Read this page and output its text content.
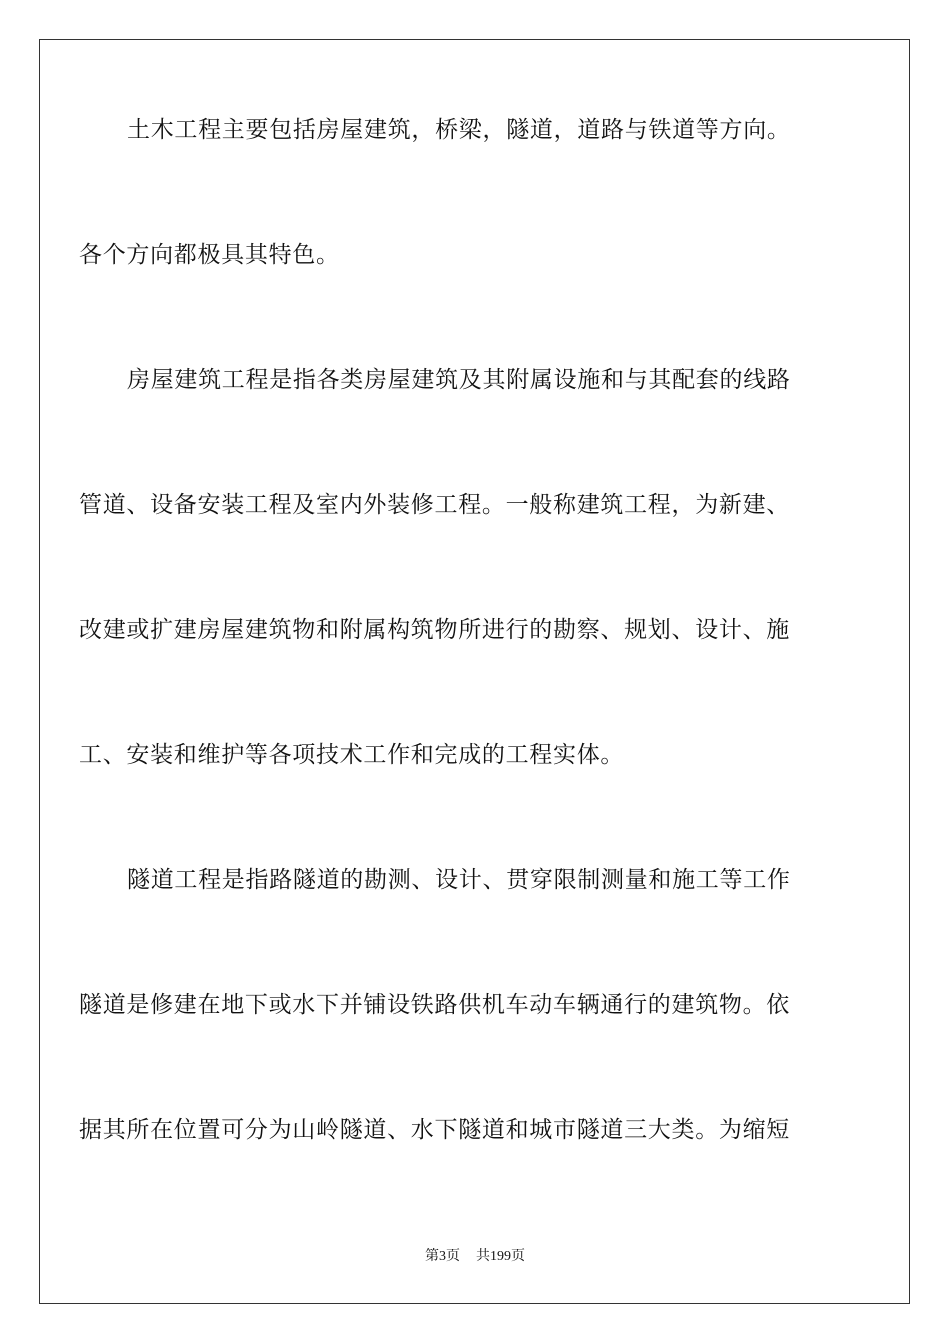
土木工程主要包括房屋建筑，桥梁，隧道，道路与铁道等方向。
各个方向都极具其特色。
房屋建筑工程是指各类房屋建筑及其附属设施和与其配套的线路
管道、设备安装工程及室内外装修工程。一般称建筑工程，为新建、
改建或扩建房屋建筑物和附属构筑物所进行的勘察、规划、设计、施
工、安装和维护等各项技术工作和完成的工程实体。
隧道工程是指路隧道的勘测、设计、贯穿限制测量和施工等工作
隧道是修建在地下或水下并铺设铁路供机车动车辆通行的建筑物。依
据其所在位置可分为山岭隧道、水下隧道和城市隧道三大类。为缩短
第3页 共199页
